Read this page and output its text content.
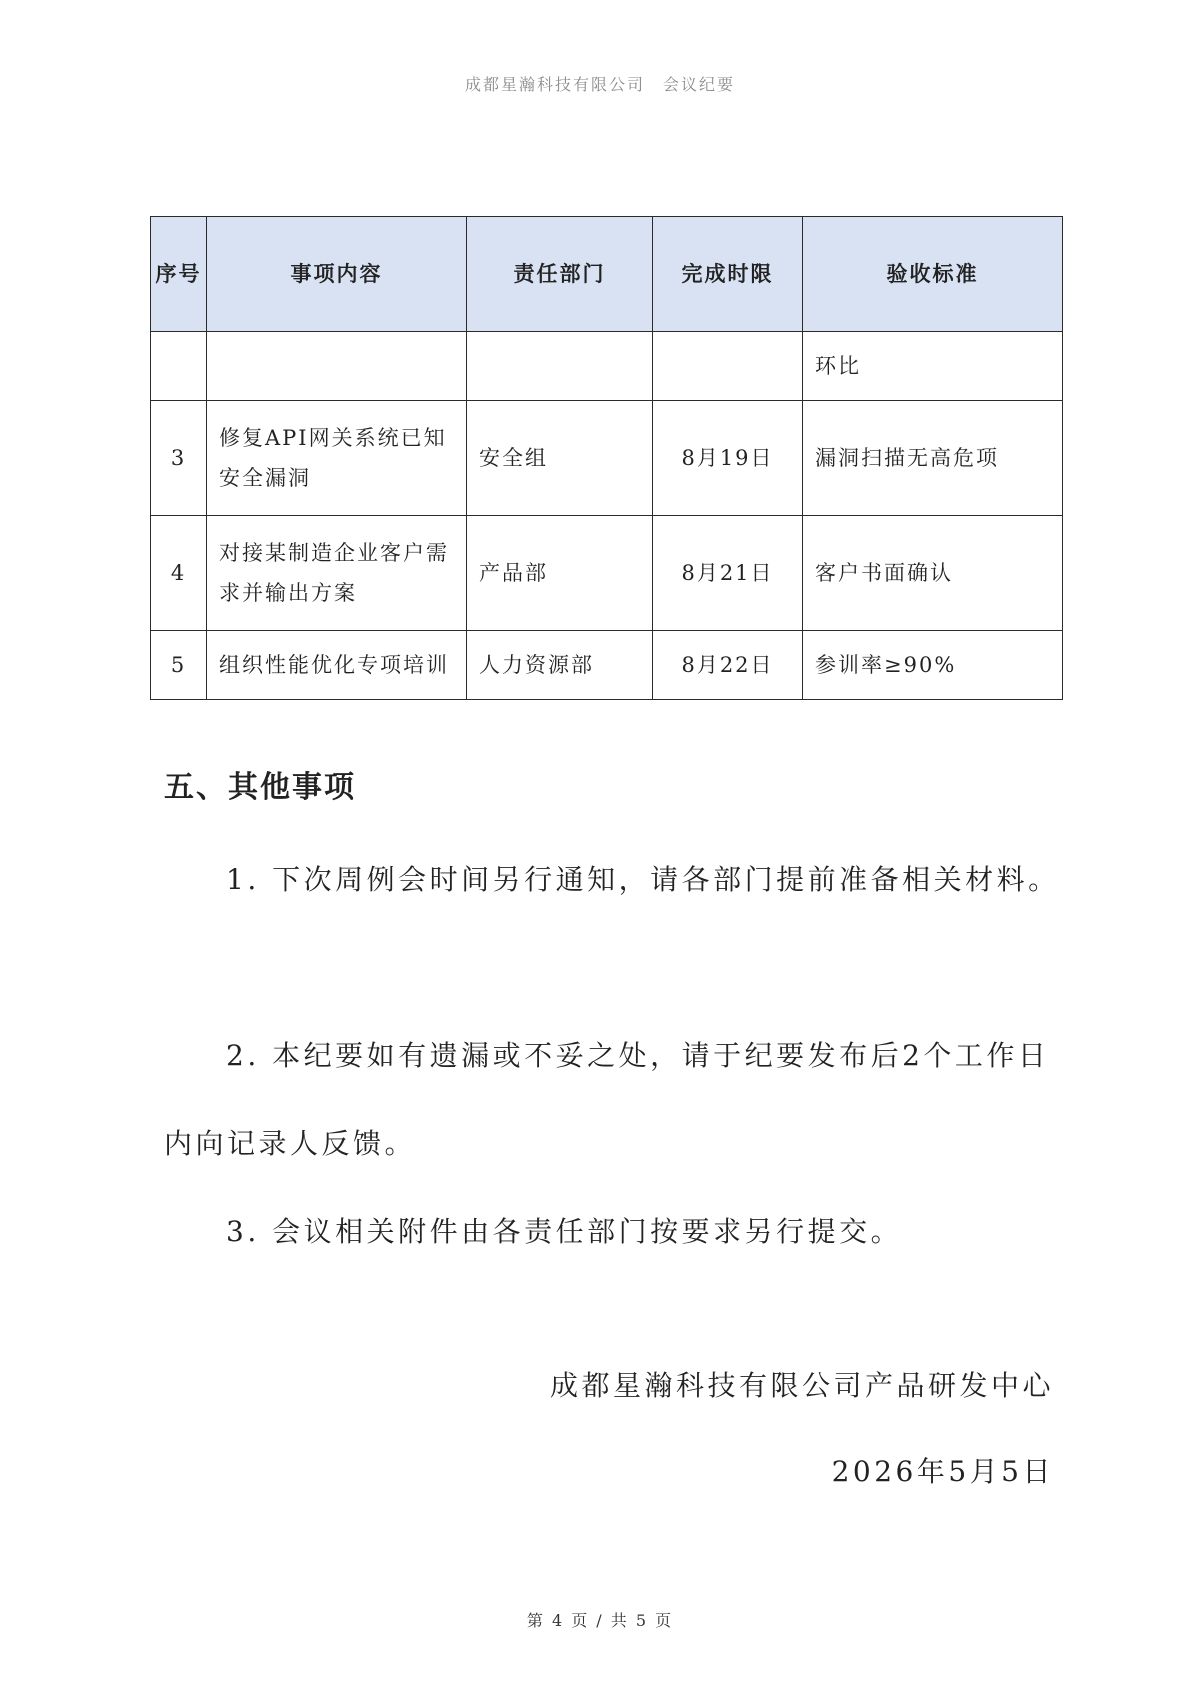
成都星瀚科技有限公司 会议纪要
序号	事项内容	责任部门	完成时限	验收标准
				环比
3	修复API网关系统已知安全漏洞	安全组	8月19日	漏洞扫描无高危项
4	对接某制造企业客户需求并输出方案	产品部	8月21日	客户书面确认
5	组织性能优化专项培训	人力资源部	8月22日	参训率≥90%
五、其他事项

1. 下次周例会时间另行通知，请各部门提前准备相关材料。

2. 本纪要如有遗漏或不妥之处，请于纪要发布后2个工作日内向记录人反馈。

3. 会议相关附件由各责任部门按要求另行提交。

成都星瀚科技有限公司产品研发中心

2026年5月5日

第 4 页 / 共 5 页
